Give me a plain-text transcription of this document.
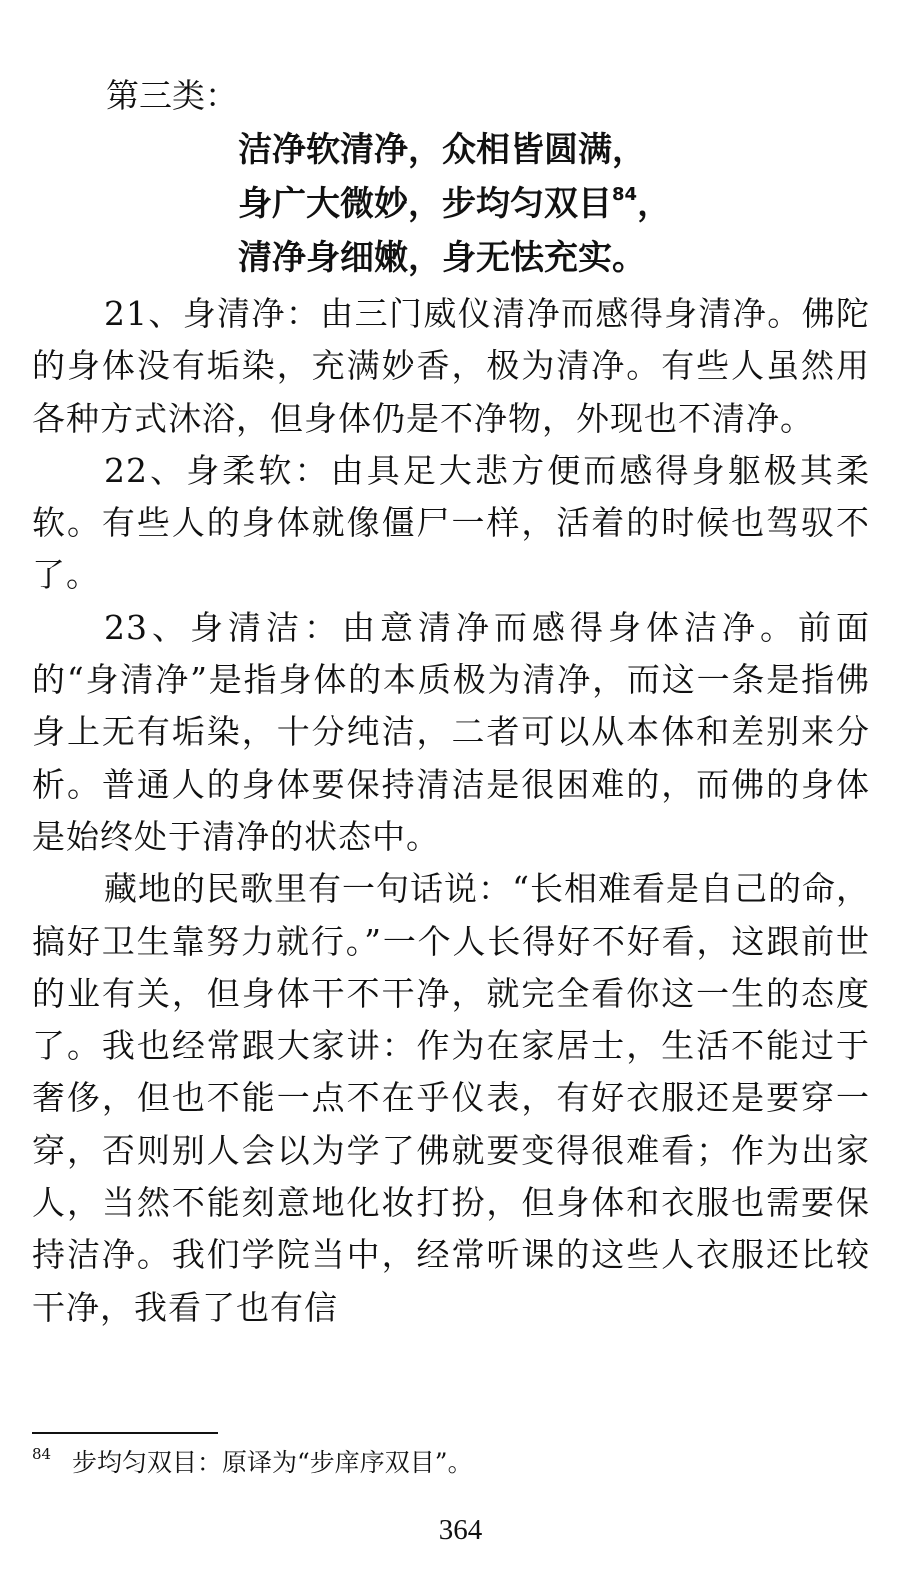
第三类：
洁净软清净，众相皆圆满，
身广大微妙，步均匀双目$^{84}$，
清净身细嫩，身无怯充实。

21、身清净：由三门威仪清净而感得身清净。佛陀的身体没有垢染，充满妙香，极为清净。有些人虽然用各种方式沐浴，但身体仍是不净物，外现也不清净。

22、身柔软：由具足大悲方便而感得身躯极其柔软。有些人的身体就像僵尸一样，活着的时候也驾驭不了。

23、身清洁：由意清净而感得身体洁净。前面的“身清净”是指身体的本质极为清净，而这一条是指佛身上无有垢染，十分纯洁，二者可以从本体和差别来分析。普通人的身体要保持清洁是很困难的，而佛的身体是始终处于清净的状态中。

藏地的民歌里有一句话说：“长相难看是自己的命，搞好卫生靠努力就行。”一个人长得好不好看，这跟前世的业有关，但身体干不干净，就完全看你这一生的态度了。我也经常跟大家讲：作为在家居士，生活不能过于奢侈，但也不能一点不在乎仪表，有好衣服还是要穿一穿，否则别人会以为学了佛就要变得很难看；作为出家人，当然不能刻意地化妆打扮，但身体和衣服也需要保持洁净。我们学院当中，经常听课的这些人衣服还比较干净，我看了也有信

84 步均匀双目：原译为“步庠序双目”。
364
